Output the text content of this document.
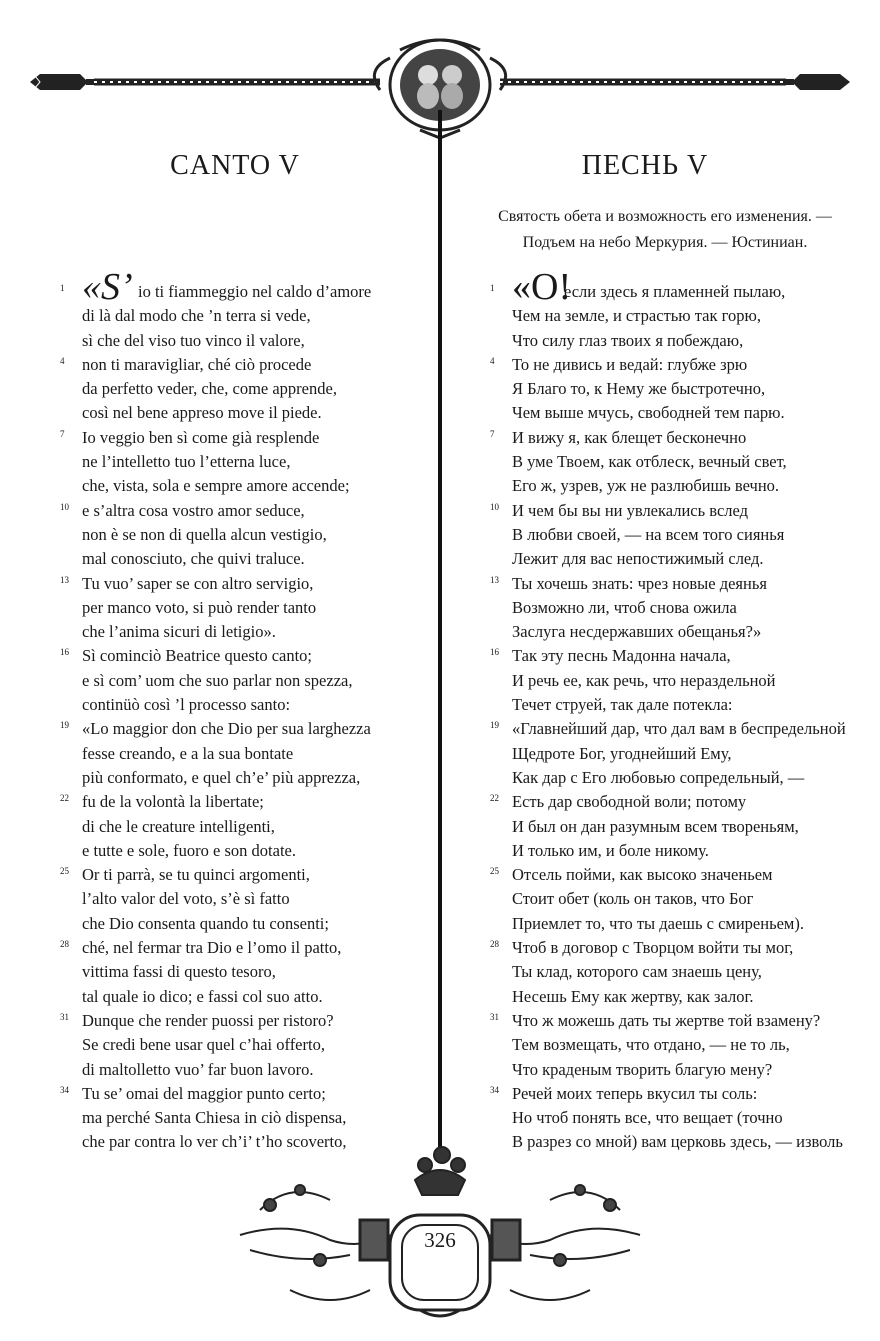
CANTO V	ПЕСНЬ V
Святость обета и возможность его изменения. —
Подъем на небо Меркурия. — Юстиниан.
1 «S’ io ti fiammeggio nel caldo d’amore
di là dal modo che ’n terra si vede,
sì che del viso tuo vinco il valore,
4 non ti maravigliar, ché ciò procede
da perfetto veder, che, come apprende,
così nel bene appreso move il piede.
7 Io veggio ben sì come già resplende
ne l’intelletto tuo l’etterna luce,
che, vista, sola e sempre amore accende;
10 e s’altra cosa vostro amor seduce,
non è se non di quella alcun vestigio,
mal conosciuto, che quivi traluce.
13 Tu vuo’ saper se con altro servigio,
per manco voto, si può render tanto
che l’anima sicuri di letigio».
16 Sì cominciò Beatrice questo canto;
e sì com’ uom che suo parlar non spezza,
continüò così ’l processo santo:
19 «Lo maggior don che Dio per sua larghezza
fesse creando, e a la sua bontate
più conformato, e quel ch’e’ più apprezza,
22 fu de la volontà la libertate;
di che le creature intelligenti,
e tutte e sole, fuoro e son dotate.
25 Or ti parrà, se tu quinci argomenti,
l’alto valor del voto, s’è sì fatto
che Dio consenta quando tu consenti;
28 ché, nel fermar tra Dio e l’omo il patto,
vittima fassi di questo tesoro,
tal quale io dico; e fassi col suo atto.
31 Dunque che render puossi per ristoro?
Se credi bene usar quel c’hai offerto,
di maltolletto vuo’ far buon lavoro.
34 Tu se’ omai del maggior punto certo;
ma perché Santa Chiesa in ciò dispensa,
che par contra lo ver ch’i’ t’ho scoverto,
1 «О!
если здесь я пламенней пылаю,
Чем на земле, и страстью так горю,
Что силу глаз твоих я побеждаю,
4 То не дивись и ведай: глубже зрю
Я Благо то, к Нему же быстротечно,
Чем выше мчусь, свободней тем парю.
7 И вижу я, как блещет бесконечно
В уме Твоем, как отблеск, вечный свет,
Его ж, узрев, уж не разлюбишь вечно.
10 И чем бы вы ни увлекались вслед
В любви своей, — на всем того сиянья
Лежит для вас непостижимый след.
13 Ты хочешь знать: чрез новые деянья
Возможно ли, чтоб снова ожила
Заслуга несдержавших обещанья?»
16 Так эту песнь Мадонна начала,
И речь ее, как речь, что нераздельной
Течет струей, так дале потекла:
19 «Главнейший дар, что дал вам в беспредельной
Щедроте Бог, угоднейший Ему,
Как дар с Его любовью сопредельный, —
22 Есть дар свободной воли; потому
И был он дан разумным всем твореньям,
И только им, и боле никому.
25 Отсель пойми, как высоко значеньем
Стоит обет (коль он таков, что Бог
Приемлет то, что ты даешь с смиреньем).
28 Чтоб в договор с Творцом войти ты мог,
Ты клад, которого сам знаешь цену,
Несешь Ему как жертву, как залог.
31 Что ж можешь дать ты жертве той взамену?
Тем возмещать, что отдано, — не то ль,
Что краденым творить благую мену?
34 Речей моих теперь вкусил ты соль:
Но чтоб понять все, что вещает (точно
В разрез со мной) вам церковь здесь, — изволь
326
